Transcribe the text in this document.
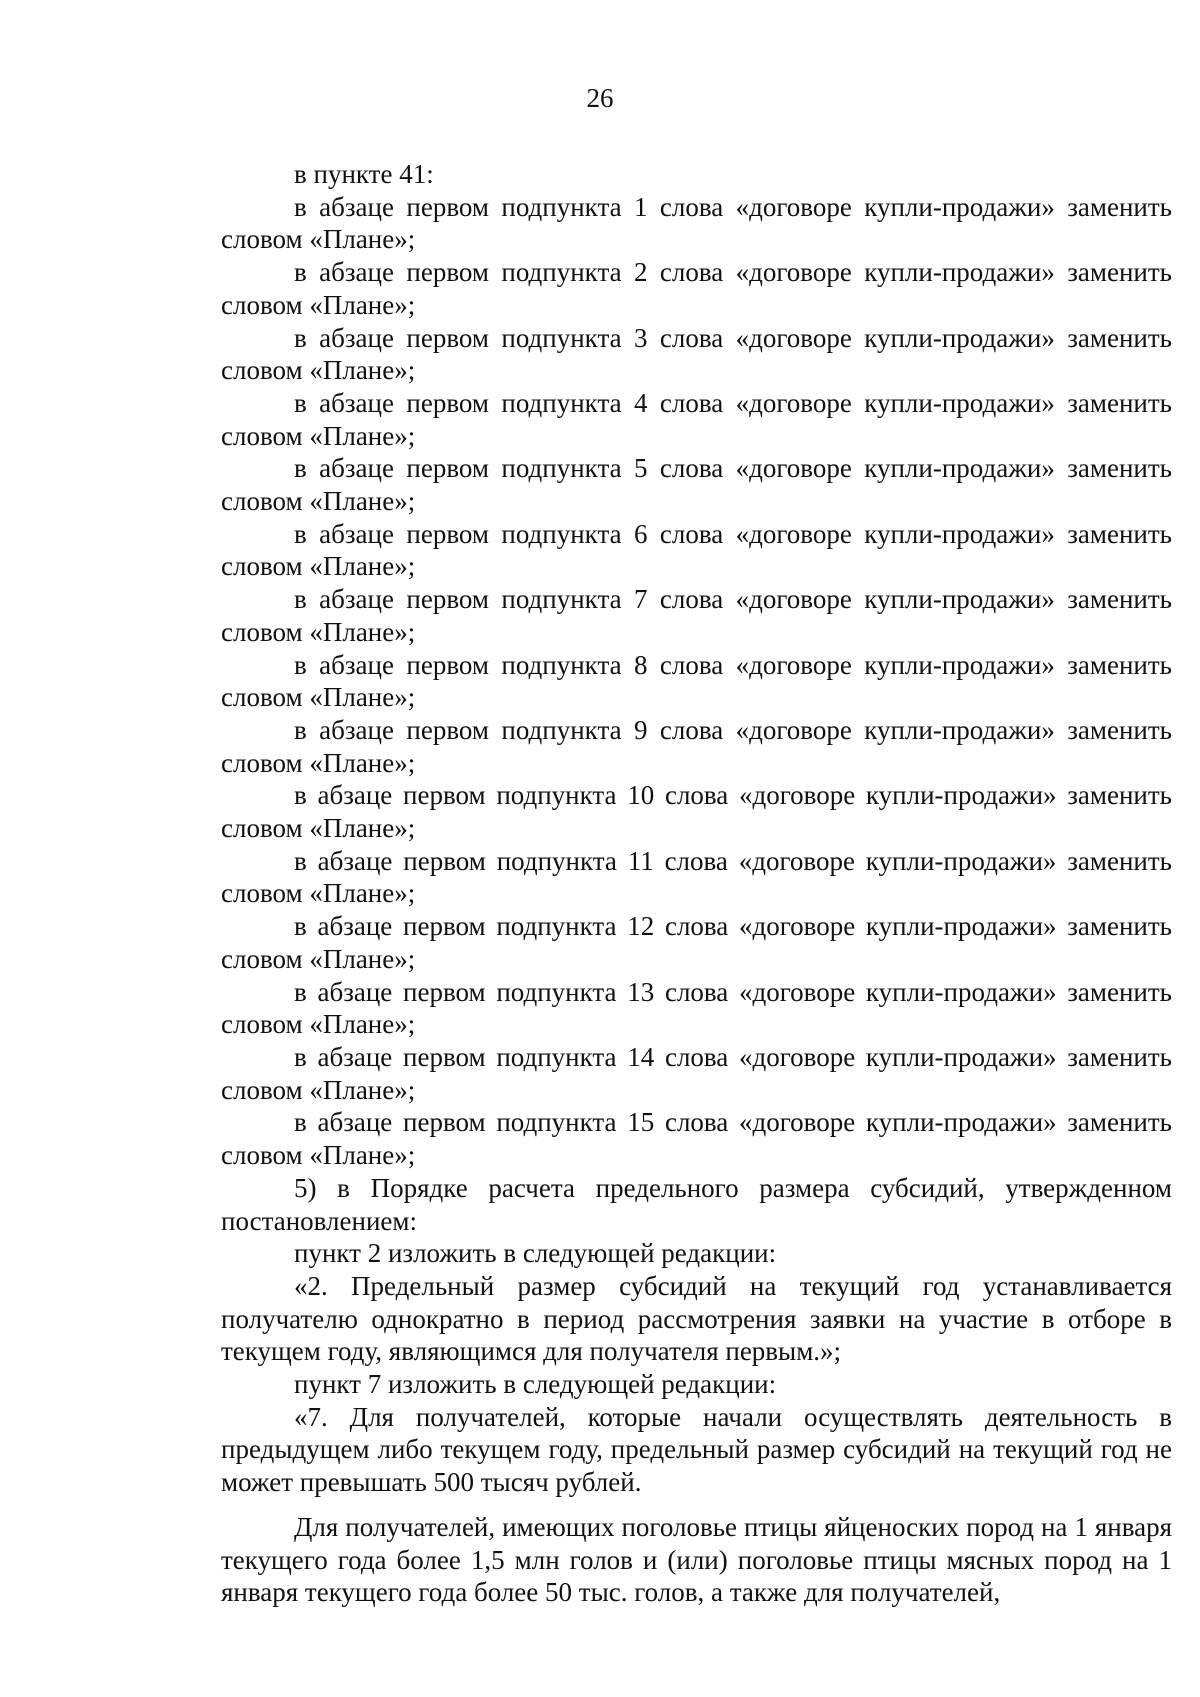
26

в пункте 41:

в абзаце первом подпункта 1 слова «договоре купли-продажи» заменить словом «Плане»;

в абзаце первом подпункта 2 слова «договоре купли-продажи» заменить словом «Плане»;

в абзаце первом подпункта 3 слова «договоре купли-продажи» заменить словом «Плане»;

в абзаце первом подпункта 4 слова «договоре купли-продажи» заменить словом «Плане»;

в абзаце первом подпункта 5 слова «договоре купли-продажи» заменить словом «Плане»;

в абзаце первом подпункта 6 слова «договоре купли-продажи» заменить словом «Плане»;

в абзаце первом подпункта 7 слова «договоре купли-продажи» заменить словом «Плане»;

в абзаце первом подпункта 8 слова «договоре купли-продажи» заменить словом «Плане»;

в абзаце первом подпункта 9 слова «договоре купли-продажи» заменить словом «Плане»;

в абзаце первом подпункта 10 слова «договоре купли-продажи» заменить словом «Плане»;

в абзаце первом подпункта 11 слова «договоре купли-продажи» заменить словом «Плане»;

в абзаце первом подпункта 12 слова «договоре купли-продажи» заменить словом «Плане»;

в абзаце первом подпункта 13 слова «договоре купли-продажи» заменить словом «Плане»;

в абзаце первом подпункта 14 слова «договоре купли-продажи» заменить словом «Плане»;

в абзаце первом подпункта 15 слова «договоре купли-продажи» заменить словом «Плане»;

5) в Порядке расчета предельного размера субсидий, утвержденном постановлением:

пункт 2 изложить в следующей редакции:

«2. Предельный размер субсидий на текущий год устанавливается получателю однократно в период рассмотрения заявки на участие в отборе в текущем году, являющимся для получателя первым.»;

пункт 7 изложить в следующей редакции:

«7. Для получателей, которые начали осуществлять деятельность в предыдущем либо текущем году, предельный размер субсидий на текущий год не может превышать 500 тысяч рублей.

Для получателей, имеющих поголовье птицы яйценоских пород на 1 января текущего года более 1,5 млн голов и (или) поголовье птицы мясных пород на 1 января текущего года более 50 тыс. голов, а также для получателей,
